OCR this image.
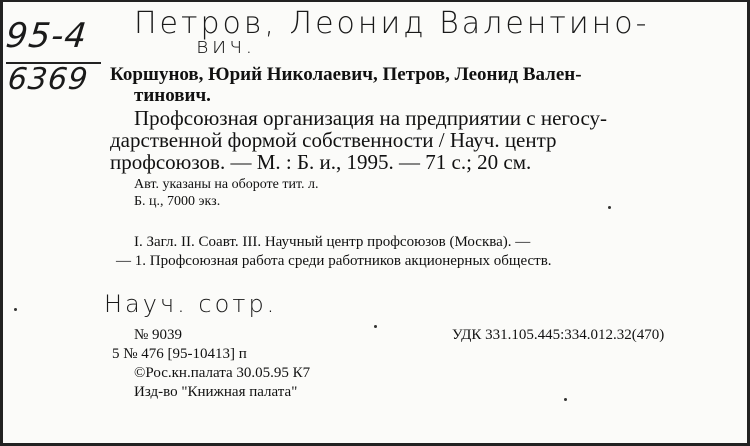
95-4
6369
Петров, Леонид Валентино-
вич.
Коршунов, Юрий Николаевич, Петров, Леонид Вален-
тинович.
Профсоюзная организация на предприятии с негосу-
дарственной формой собственности / Науч. центр
профсоюзов. — М. : Б. и., 1995. — 71 с.; 20 см.
Авт. указаны на обороте тит. л.
Б. ц., 7000 экз.
I. Загл. II. Соавт. III. Научный центр профсоюзов (Москва). —
— 1. Профсоюзная работа среди работников акционерных обществ.
Науч. сотр.
№ 9039	УДК 331.105.445:334.012.32(470)
5 № 476 [95-10413] п
©Рос.кн.палата 30.05.95 К7
Изд-во "Книжная палата"
